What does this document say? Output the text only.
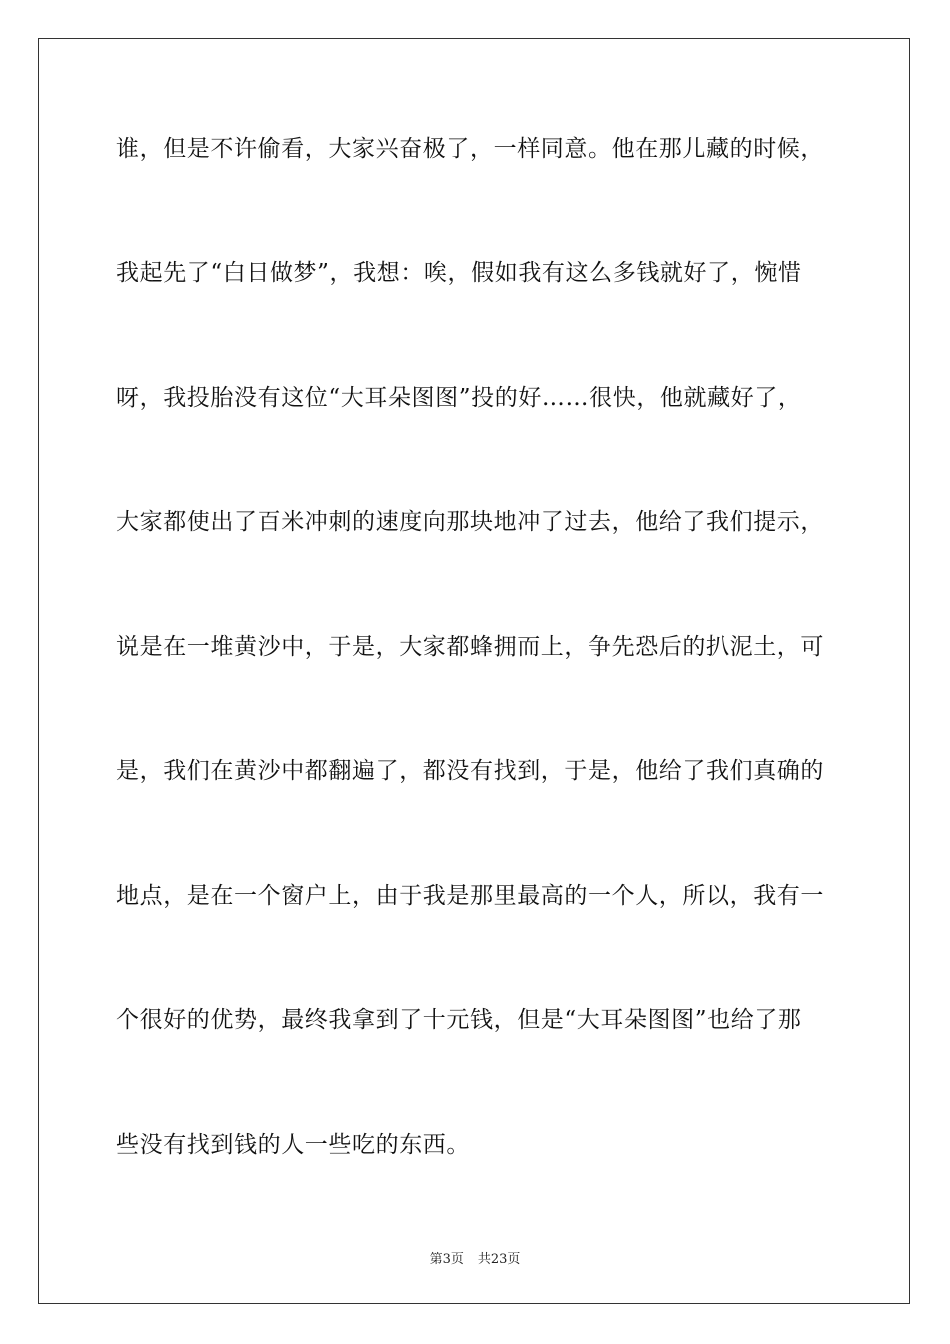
谁，但是不许偷看，大家兴奋极了，一样同意。他在那儿藏的时候，
我起先了“白日做梦”，我想：唉，假如我有这么多钱就好了，惋惜
呀，我投胎没有这位“大耳朵图图”投的好……很快，他就藏好了，
大家都使出了百米冲刺的速度向那块地冲了过去，他给了我们提示，
说是在一堆黄沙中，于是，大家都蜂拥而上，争先恐后的扒泥土，可
是，我们在黄沙中都翻遍了，都没有找到，于是，他给了我们真确的
地点，是在一个窗户上，由于我是那里最高的一个人，所以，我有一
个很好的优势，最终我拿到了十元钱，但是“大耳朵图图”也给了那
些没有找到钱的人一些吃的东西。
第3页 共23页
